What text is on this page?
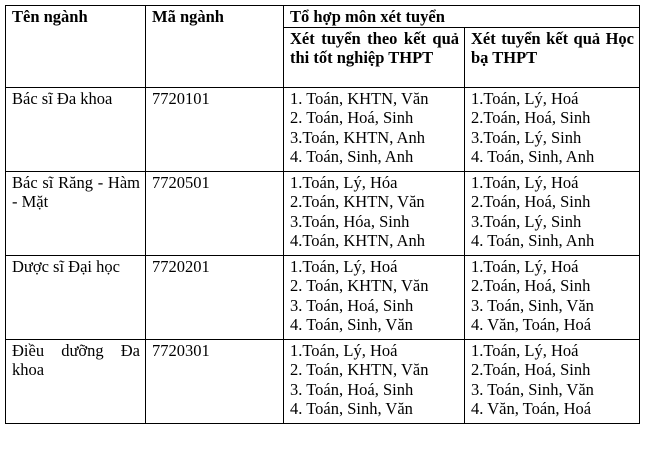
Tên ngành	Mã ngành	Tổ hợp môn xét tuyển	
		Xét tuyển theo kết quả thi tốt nghiệp THPT	Xét tuyển kết quả Học bạ THPT
Bác sĩ Đa khoa	7720101	1. Toán, KHTN, Văn
2. Toán, Hoá, Sinh
3.Toán, KHTN, Anh
4. Toán, Sinh, Anh	1.Toán, Lý, Hoá
2.Toán, Hoá, Sinh
3.Toán, Lý, Sinh
4. Toán, Sinh, Anh

Bác sĩ Răng - Hàm - Mặt	7720501	1.Toán, Lý, Hóa
2.Toán, KHTN, Văn
3.Toán, Hóa, Sinh
4.Toán, KHTN, Anh	1.Toán, Lý, Hoá
2.Toán, Hoá, Sinh
3.Toán, Lý, Sinh
4. Toán, Sinh, Anh

Dược sĩ Đại học	7720201	1.Toán, Lý, Hoá
2. Toán, KHTN, Văn
3. Toán, Hoá, Sinh
4. Toán, Sinh, Văn	1.Toán, Lý, Hoá
2.Toán, Hoá, Sinh
3. Toán, Sinh, Văn
4. Văn, Toán, Hoá

Điều dưỡng Đa khoa	7720301	1.Toán, Lý, Hoá
2. Toán, KHTN, Văn
3. Toán, Hoá, Sinh
4. Toán, Sinh, Văn	1.Toán, Lý, Hoá
2.Toán, Hoá, Sinh
3. Toán, Sinh, Văn
4. Văn, Toán, Hoá
